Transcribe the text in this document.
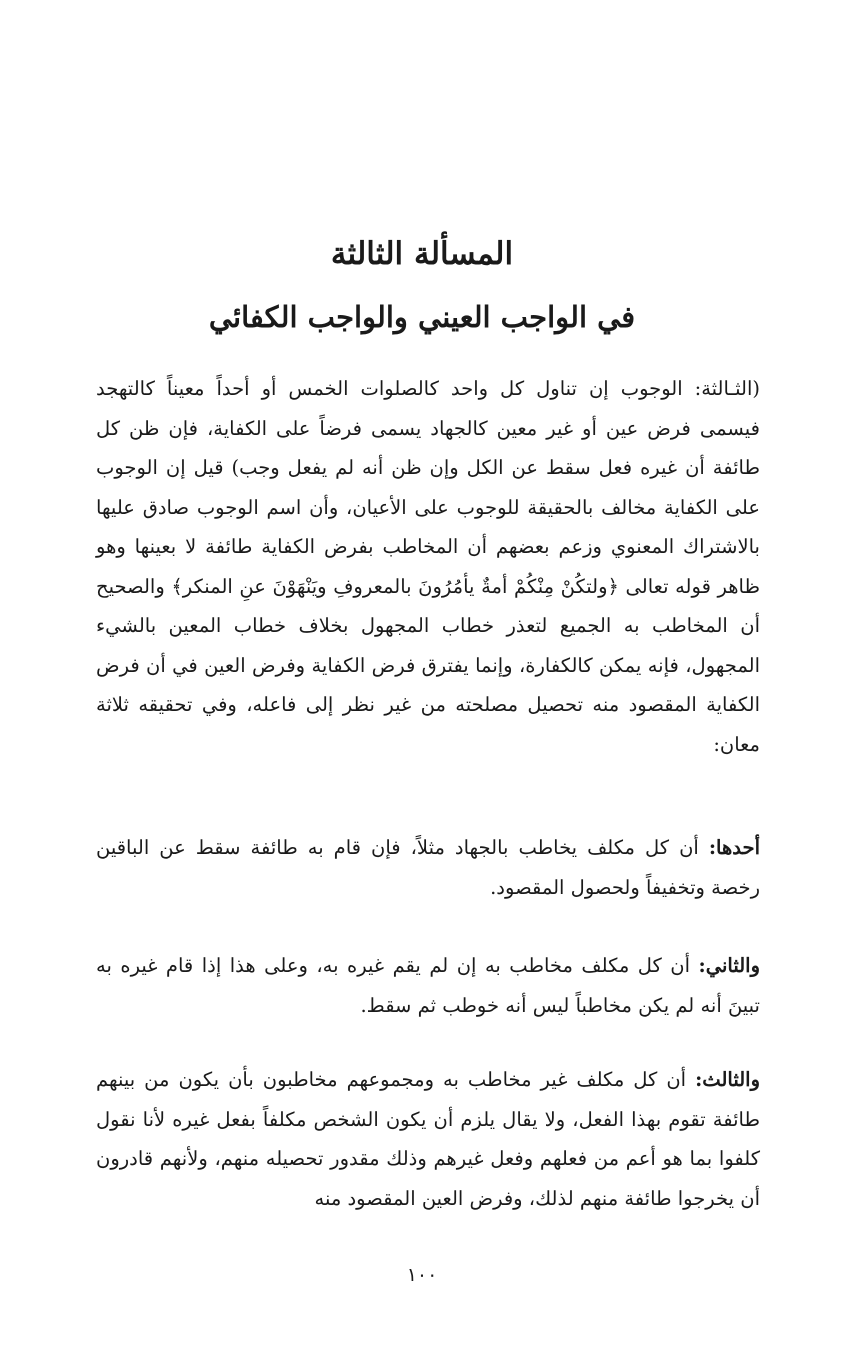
المسألة الثالثة
في الواجب العيني والواجب الكفائي
(الثـالثة: الوجوب إن تناول كل واحد كالصلوات الخمس أو أحداً معيناً كالتهجد فيسمى فرض عين أو غير معين كالجهاد يسمى فرضاً على الكفاية، فإن ظن كل طائفة أن غيره فعل سقط عن الكل وإن ظن أنه لم يفعل وجب) قيل إن الوجوب على الكفاية مخالف بالحقيقة للوجوب على الأعيان، وأن اسم الوجوب صادق عليها بالاشتراك المعنوي وزعم بعضهم أن المخاطب بفرض الكفاية طائفة لا بعينها وهو ظاهر قوله تعالى ﴿ولتكُنْ مِنْكُمْ أمةٌ يأمُرُونَ بالمعروفِ ويَنْهَوْنَ عنِ المنكر﴾ والصحيح أن المخاطب به الجميع لتعذر خطاب المجهول بخلاف خطاب المعين بالشيء المجهول، فإنه يمكن كالكفارة، وإنما يفترق فرض الكفاية وفرض العين في أن فرض الكفاية المقصود منه تحصيل مصلحته من غير نظر إلى فاعله، وفي تحقيقه ثلاثة معان:
أحدها: أن كل مكلف يخاطب بالجهاد مثلاً، فإن قام به طائفة سقط عن الباقين رخصة وتخفيفاً ولحصول المقصود.
والثاني: أن كل مكلف مخاطب به إن لم يقم غيره به، وعلى هذا إذا قام غيره به تبينَ أنه لم يكن مخاطباً ليس أنه خوطب ثم سقط.
والثالث: أن كل مكلف غير مخاطب به ومجموعهم مخاطبون بأن يكون من بينهم طائفة تقوم بهذا الفعل، ولا يقال يلزم أن يكون الشخص مكلفاً بفعل غيره لأنا نقول كلفوا بما هو أعم من فعلهم وفعل غيرهم وذلك مقدور تحصيله منهم، ولأنهم قادرون أن يخرجوا طائفة منهم لذلك، وفرض العين المقصود منه
١٠٠
